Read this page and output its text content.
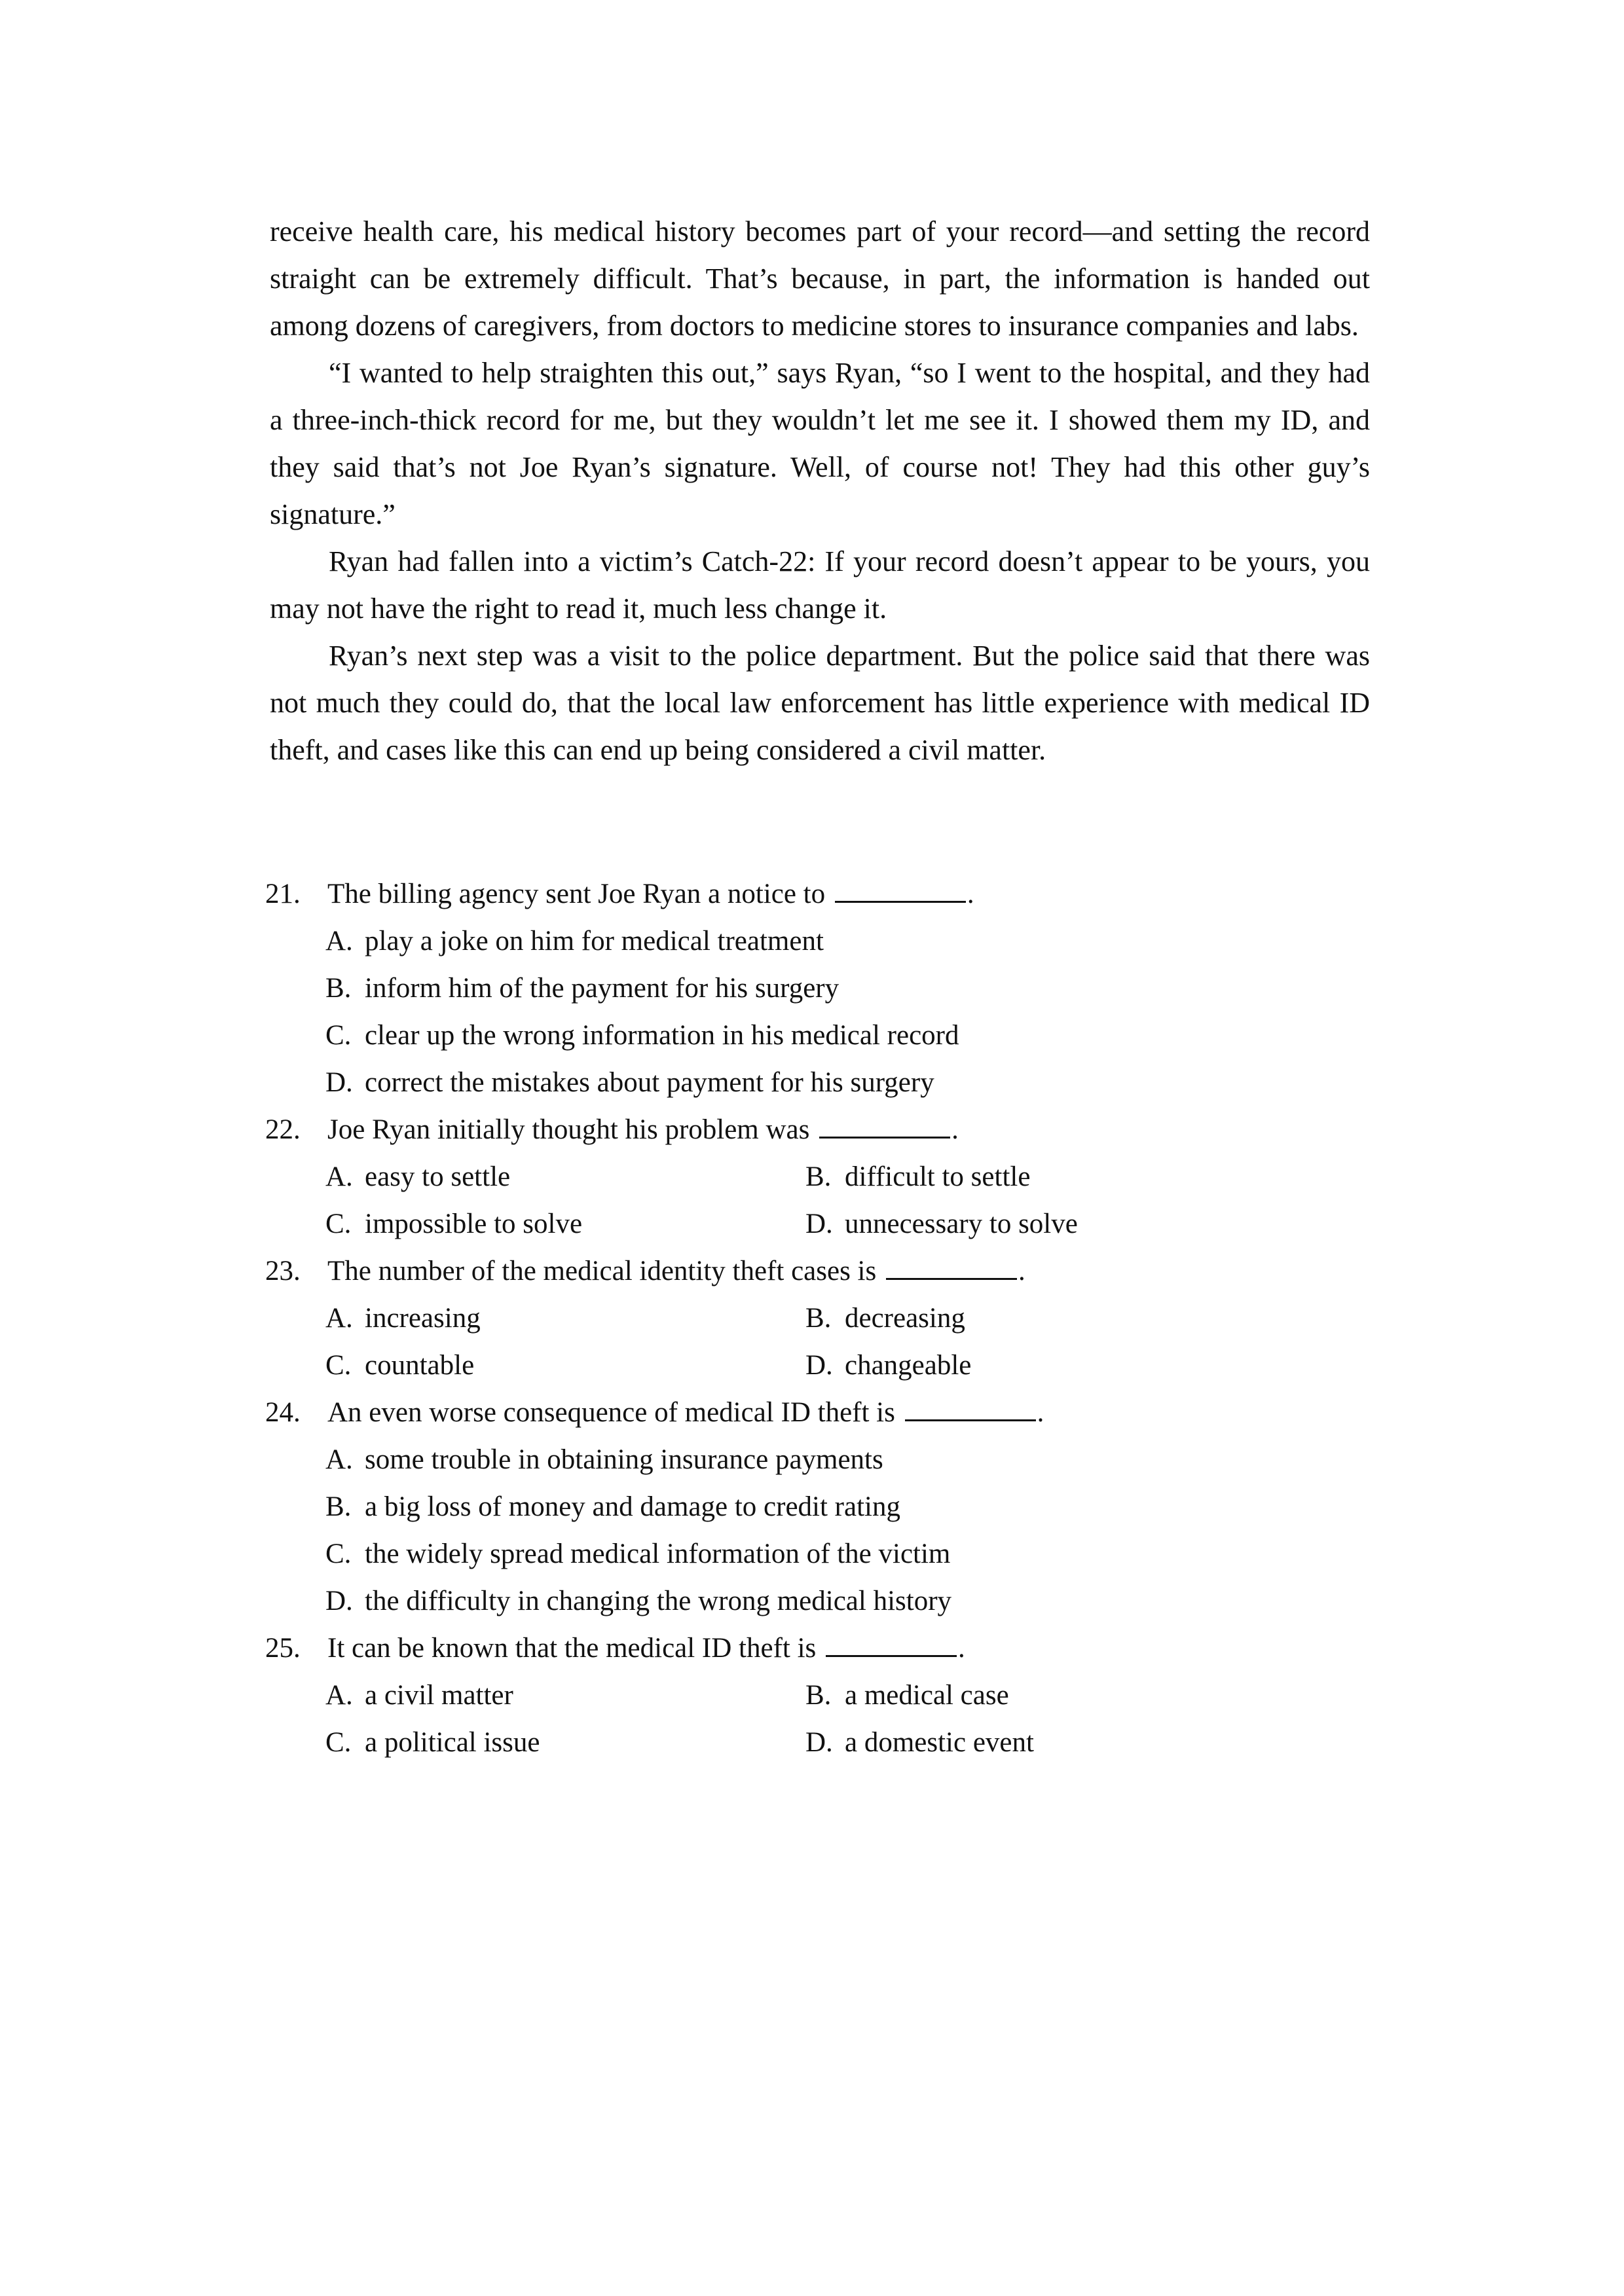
receive health care, his medical history becomes part of your record—and setting the record straight can be extremely difficult. That’s because, in part, the information is handed out among dozens of caregivers, from doctors to medicine stores to insurance companies and labs.

“I wanted to help straighten this out,” says Ryan, “so I went to the hospital, and they had a three-inch-thick record for me, but they wouldn’t let me see it. I showed them my ID, and they said that’s not Joe Ryan’s signature. Well, of course not! They had this other guy’s signature.”

Ryan had fallen into a victim’s Catch-22: If your record doesn’t appear to be yours, you may not have the right to read it, much less change it.

Ryan’s next step was a visit to the police department. But the police said that there was not much they could do, that the local law enforcement has little experience with medical ID theft, and cases like this can end up being considered a civil matter.

21. The billing agency sent Joe Ryan a notice to	.
A. play a joke on him for medical treatment
B. inform him of the payment for his surgery
C. clear up the wrong information in his medical record
D. correct the mistakes about payment for his surgery
22. Joe Ryan initially thought his problem was	.
A. easy to settle	B. difficult to settle
C. impossible to solve	D. unnecessary to solve
23. The number of the medical identity theft cases is	.
A. increasing	B. decreasing
C. countable	D. changeable
24. An even worse consequence of medical ID theft is	.
A. some trouble in obtaining insurance payments
B. a big loss of money and damage to credit rating
C. the widely spread medical information of the victim
D. the difficulty in changing the wrong medical history
25. It can be known that the medical ID theft is	.
A. a civil matter	B. a medical case
C. a political issue	D. a domestic event
